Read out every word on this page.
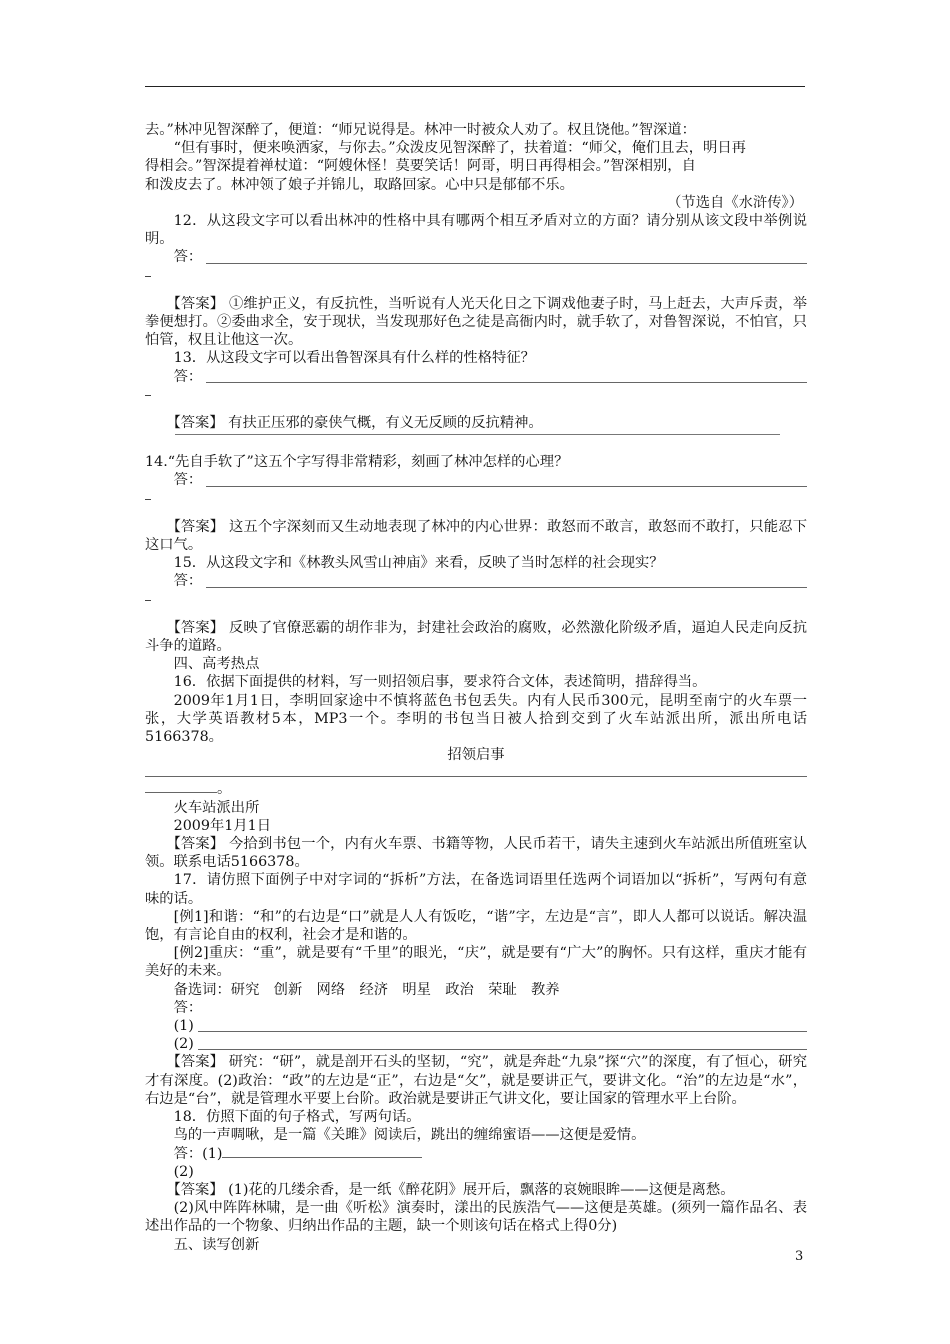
去。”林冲见智深醉了，便道：“师兄说得是。林冲一时被众人劝了。权且饶他。”智深道：

“但有事时，便来唤洒家，与你去。”众泼皮见智深醉了，扶着道：“师父，俺们且去，明日再

得相会。”智深提着禅杖道：“阿嫂休怪！莫要笑话！阿哥，明日再得相会。”智深相别，自

和泼皮去了。林冲领了娘子并锦儿，取路回家。心中只是郁郁不乐。

（节选自《水浒传》）

12．从这段文字可以看出林冲的性格中具有哪两个相互矛盾对立的方面？请分别从该文段中举例说明。

答：

【答案】 ①维护正义，有反抗性，当听说有人光天化日之下调戏他妻子时，马上赶去，大声斥责，举拳便想打。②委曲求全，安于现状，当发现那好色之徒是高衙内时，就手软了，对鲁智深说，不怕官，只怕管，权且让他这一次。

13．从这段文字可以看出鲁智深具有什么样的性格特征？

答：

【答案】 有扶正压邪的豪侠气概，有义无反顾的反抗精神。

14.“先自手软了”这五个字写得非常精彩，刻画了林冲怎样的心理？

答：

【答案】 这五个字深刻而又生动地表现了林冲的内心世界：敢怒而不敢言，敢怒而不敢打，只能忍下这口气。

15．从这段文字和《林教头风雪山神庙》来看，反映了当时怎样的社会现实？

答：

【答案】 反映了官僚恶霸的胡作非为，封建社会政治的腐败，必然激化阶级矛盾，逼迫人民走向反抗斗争的道路。

四、高考热点

16．依据下面提供的材料，写一则招领启事，要求符合文体，表述简明，措辞得当。

2009年1月1日，李明回家途中不慎将蓝色书包丢失。内有人民币300元，昆明至南宁的火车票一张，大学英语教材5本，MP3一个。李明的书包当日被人拾到交到了火车站派出所，派出所电话5166378。

招领启事

。

火车站派出所

2009年1月1日

【答案】 今拾到书包一个，内有火车票、书籍等物，人民币若干，请失主速到火车站派出所值班室认领。联系电话5166378。

17．请仿照下面例子中对字词的“拆析”方法，在备选词语里任选两个词语加以“拆析”，写两句有意味的话。

[例1]和谐：“和”的右边是“口”就是人人有饭吃，“谐”字，左边是“言”，即人人都可以说话。解决温饱，有言论自由的权利，社会才是和谐的。

[例2]重庆：“重”，就是要有“千里”的眼光，“庆”，就是要有“广大”的胸怀。只有这样，重庆才能有美好的未来。

备选词：研究　创新　网络　经济　明星　政治　荣耻　教养

答：

(1)
(2)

【答案】 研究：“研”，就是剖开石头的坚韧，“究”，就是奔赴“九泉”探“穴”的深度，有了恒心，研究才有深度。(2)政治：“政”的左边是“正”，右边是“攵”，就是要讲正气，要讲文化。“治”的左边是“水”，右边是“台”，就是管理水平要上台阶。政治就是要讲正气讲文化，要让国家的管理水平上台阶。

18．仿照下面的句子格式，写两句话。

鸟的一声啁啾，是一篇《关雎》阅读后，跳出的缠绵蜜语——这便是爱情。

答：(1)

(2)

【答案】 (1)花的几缕余香，是一纸《醉花阴》展开后，飘落的哀婉眼眸——这便是离愁。

(2)风中阵阵林啸，是一曲《听松》演奏时，漾出的民族浩气——这便是英雄。(须列一篇作品名、表述出作品的一个物象、归纳出作品的主题，缺一个则该句话在格式上得0分)

五、读写创新

3
